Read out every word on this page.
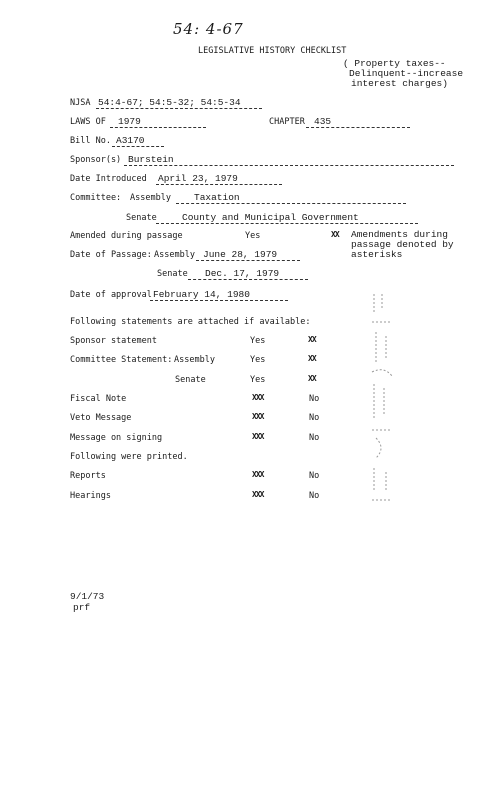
54: 4-67
LEGISLATIVE HISTORY CHECKLIST
( Property taxes--
Delinquent--increase
interest charges)
NJSA 54:4-67; 54:5-32; 54:5-34
LAWS OF 1979	CHAPTER 435
Bill No. A3170
Sponsor(s) Burstein
Date Introduced April 23, 1979
Committee: Assembly Taxation
Senate	County and Municipal Government
Amended during passage	Yes	XX Amendments during
passage denoted by
asterisks
Date of Passage: Assembly June 28, 1979
Senate Dec. 17, 1979
Date of approval February 14, 1980
Following statements are attached if available:
Sponsor statement	Yes	XX
Committee Statement: Assembly	Yes	XX
Senate	Yes	XX
Fiscal Note	XXX	No
Veto Message	XXX	No
Message on signing	XXX	No
Following were printed.
Reports	XXX	No
Hearings	XXX	No
9/1/73
prf
